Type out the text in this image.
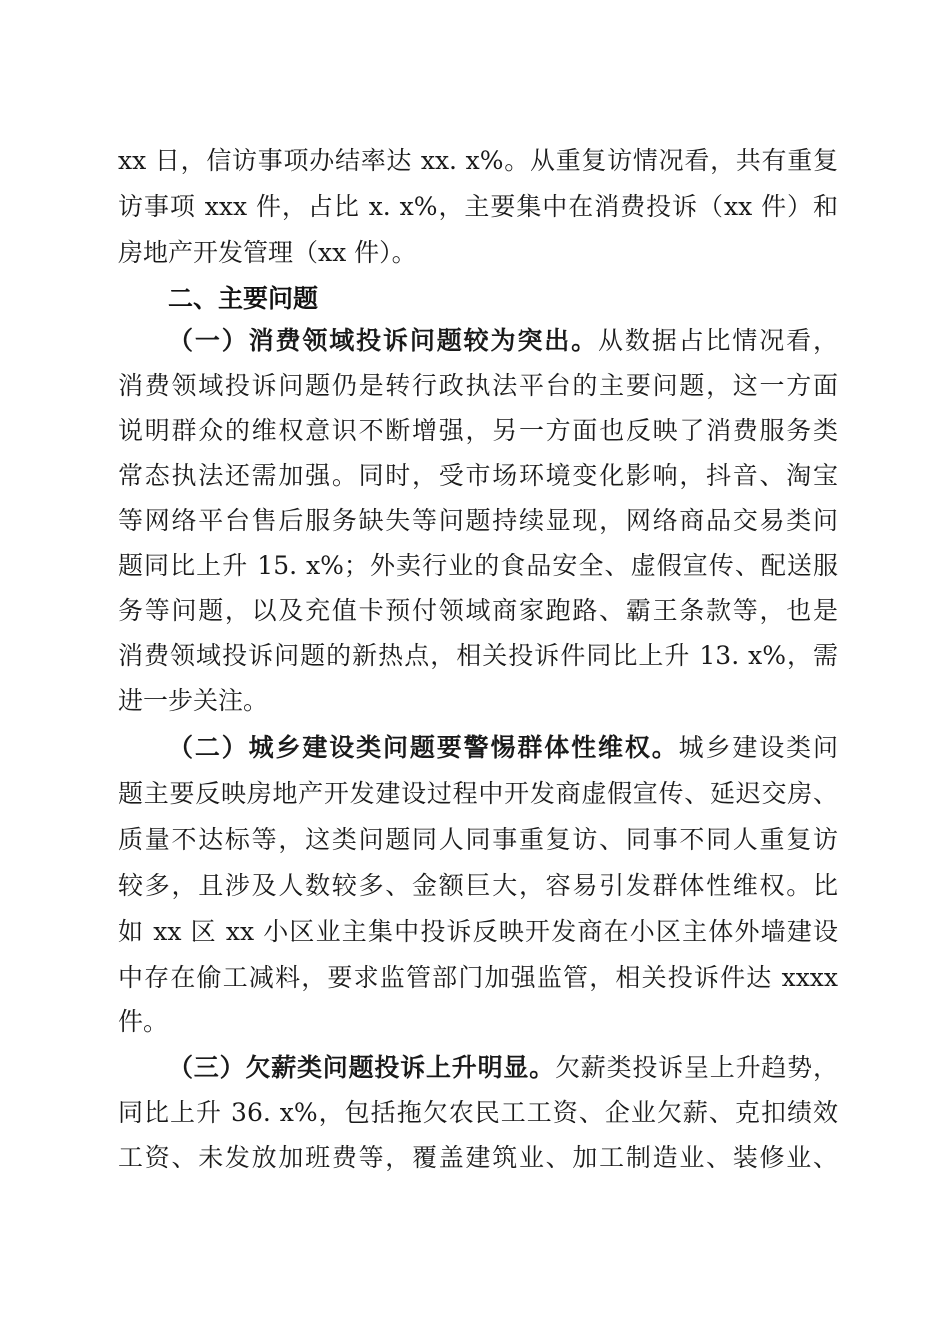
xx 日，信访事项办结率达 xx. x%。从重复访情况看，共有重复
访事项 xxx 件，占比 x. x%，主要集中在消费投诉（xx 件）和
房地产开发管理（xx 件）。
二、主要问题
（一）消费领域投诉问题较为突出。从数据占比情况看，
消费领域投诉问题仍是转行政执法平台的主要问题，这一方面
说明群众的维权意识不断增强，另一方面也反映了消费服务类
常态执法还需加强。同时，受市场环境变化影响，抖音、淘宝
等网络平台售后服务缺失等问题持续显现，网络商品交易类问
题同比上升 15. x%；外卖行业的食品安全、虚假宣传、配送服
务等问题，以及充值卡预付领域商家跑路、霸王条款等，也是
消费领域投诉问题的新热点，相关投诉件同比上升 13. x%，需
进一步关注。
（二）城乡建设类问题要警惕群体性维权。城乡建设类问
题主要反映房地产开发建设过程中开发商虚假宣传、延迟交房、
质量不达标等，这类问题同人同事重复访、同事不同人重复访
较多，且涉及人数较多、金额巨大，容易引发群体性维权。比
如 xx 区 xx 小区业主集中投诉反映开发商在小区主体外墙建设
中存在偷工减料，要求监管部门加强监管，相关投诉件达 xxxx
件。
（三）欠薪类问题投诉上升明显。欠薪类投诉呈上升趋势，
同比上升 36. x%，包括拖欠农民工工资、企业欠薪、克扣绩效
工资、未发放加班费等，覆盖建筑业、加工制造业、装修业、
